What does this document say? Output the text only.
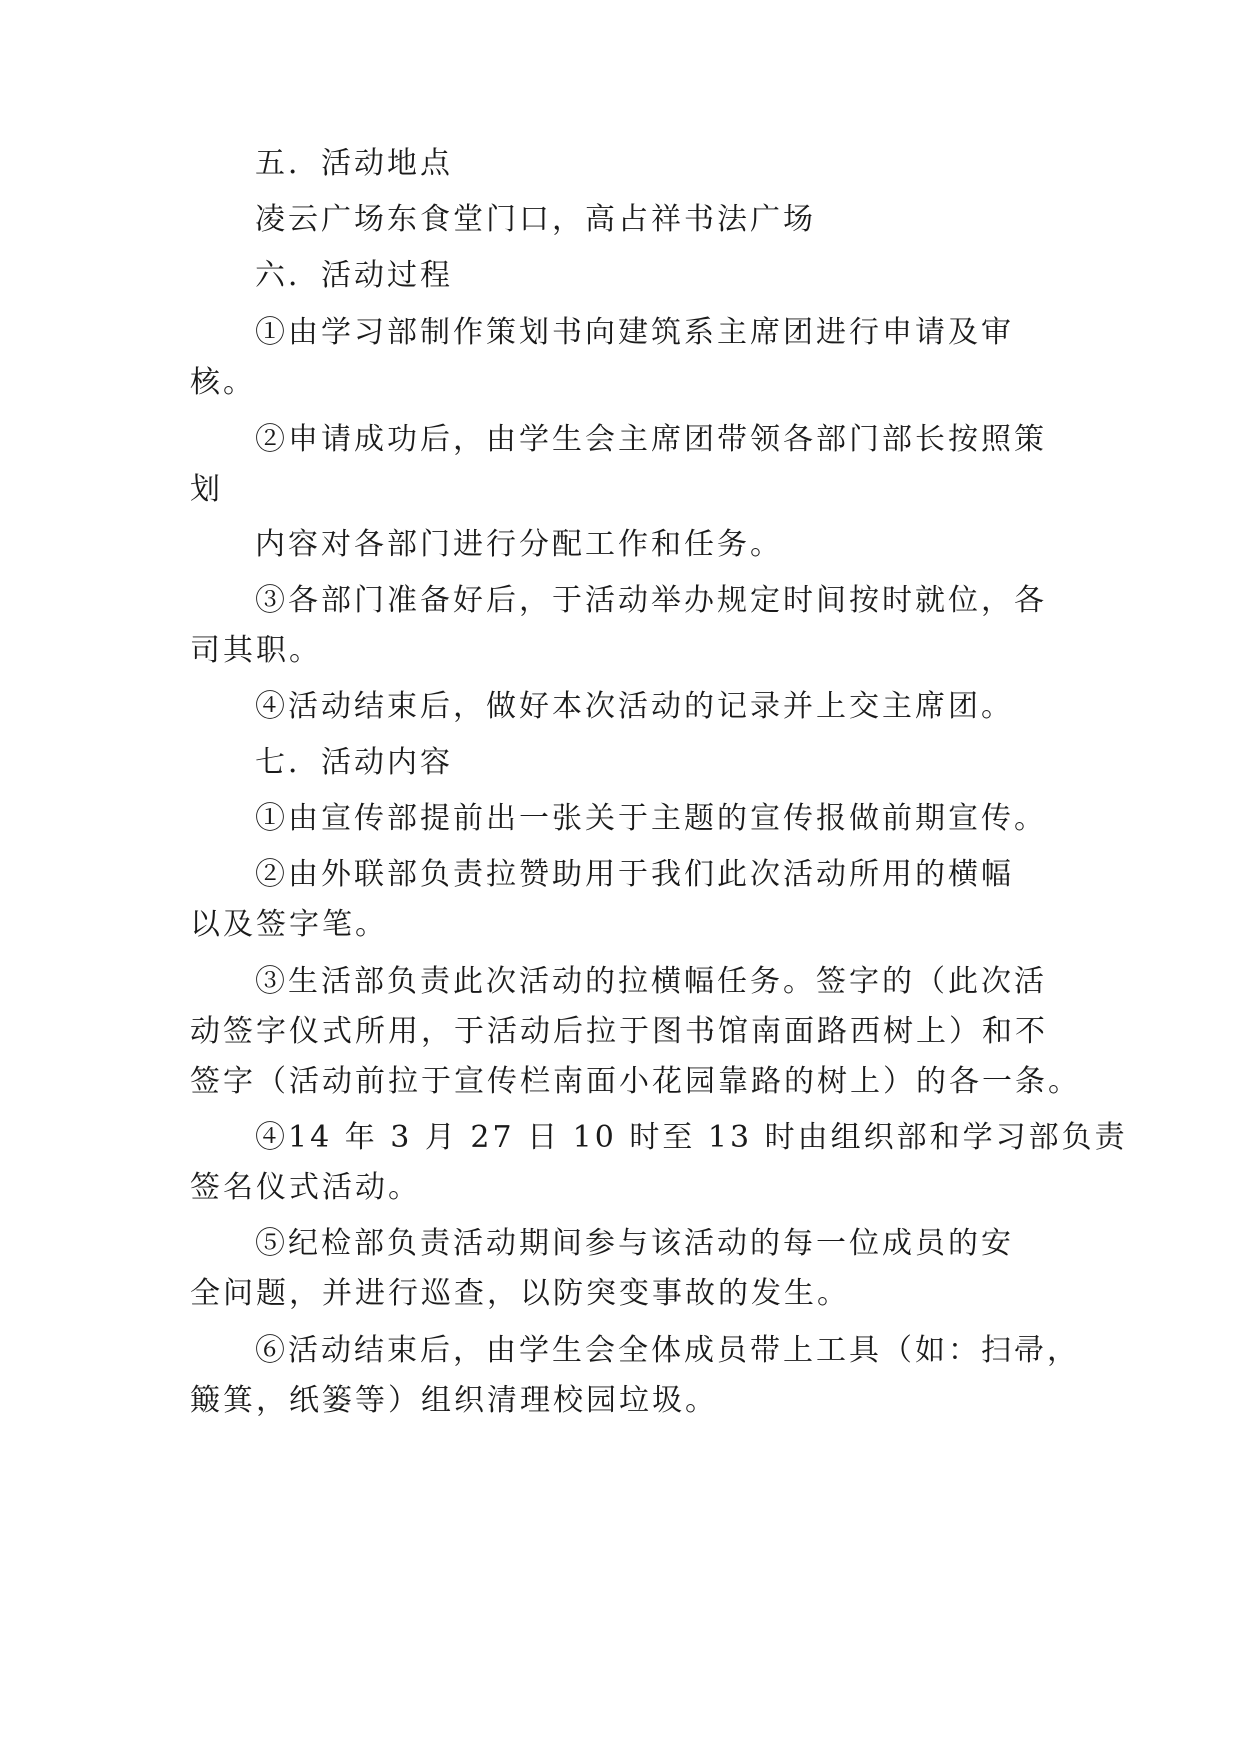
五．活动地点
凌云广场东食堂门口，高占祥书法广场
六．活动过程
①由学习部制作策划书向建筑系主席团进行申请及审
核。
②申请成功后，由学生会主席团带领各部门部长按照策
划
内容对各部门进行分配工作和任务。
③各部门准备好后，于活动举办规定时间按时就位，各
司其职。
④活动结束后，做好本次活动的记录并上交主席团。
七．活动内容
①由宣传部提前出一张关于主题的宣传报做前期宣传。
②由外联部负责拉赞助用于我们此次活动所用的横幅
以及签字笔。
③生活部负责此次活动的拉横幅任务。签字的（此次活
动签字仪式所用，于活动后拉于图书馆南面路西树上）和不
签字（活动前拉于宣传栏南面小花园靠路的树上）的各一条。
④14 年 3 月 27 日 10 时至 13 时由组织部和学习部负责
签名仪式活动。
⑤纪检部负责活动期间参与该活动的每一位成员的安
全问题，并进行巡查，以防突变事故的发生。
⑥活动结束后，由学生会全体成员带上工具（如：扫帚，
簸箕，纸篓等）组织清理校园垃圾。
